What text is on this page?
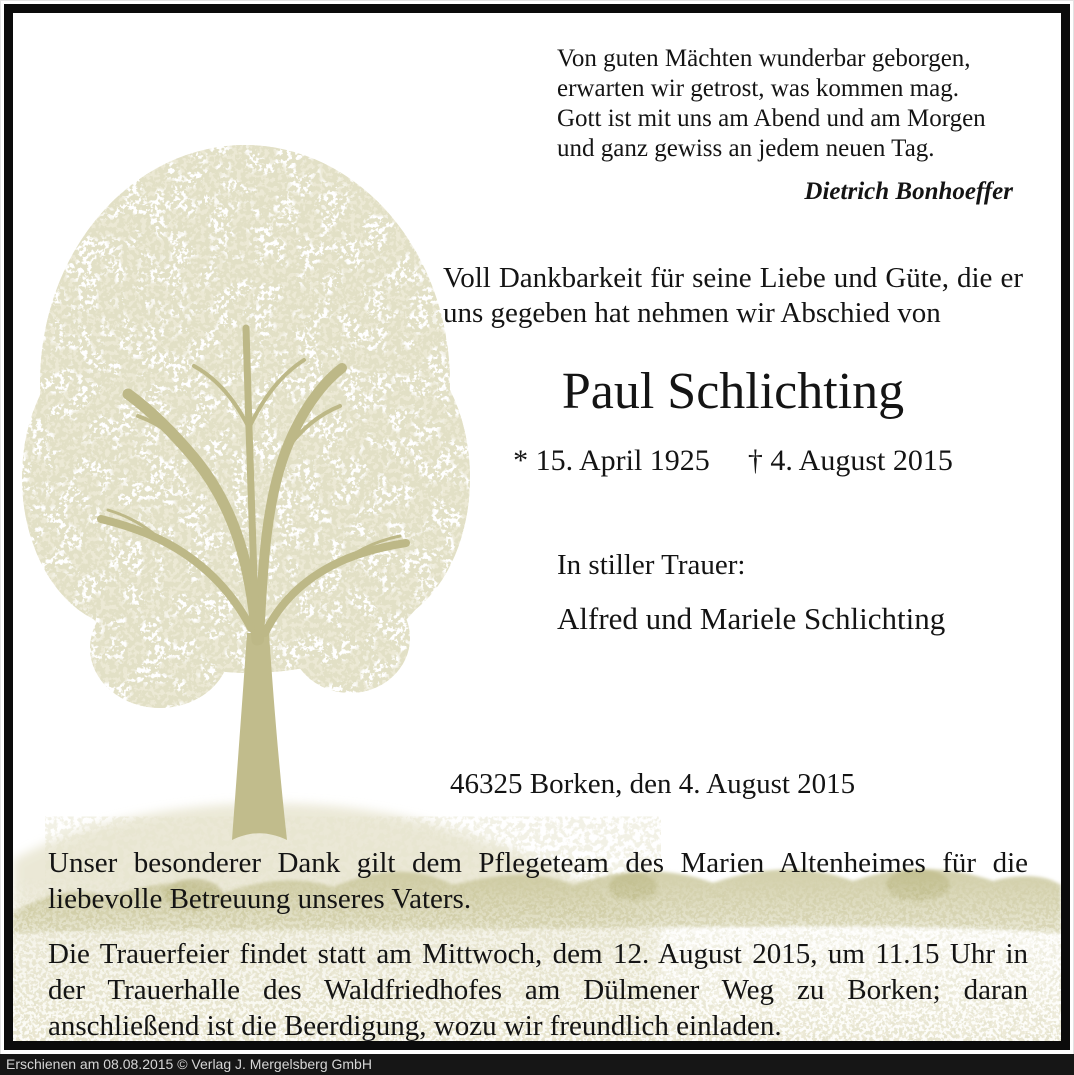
Von guten Mächten wunderbar geborgen,
erwarten wir getrost, was kommen mag.
Gott ist mit uns am Abend und am Morgen
und ganz gewiss an jedem neuen Tag.
Dietrich Bonhoeffer
Voll Dankbarkeit für seine Liebe und Güte, die er uns gegeben hat nehmen wir Abschied von
Paul Schlichting
* 15. April 1925 † 4. August 2015
In stiller Trauer:
Alfred und Mariele Schlichting
46325 Borken, den 4. August 2015
Unser besonderer Dank gilt dem Pflegeteam des Marien Altenheimes für die liebevolle Betreuung unseres Vaters.
Die Trauerfeier findet statt am Mittwoch, dem 12. August 2015, um 11.15 Uhr in der Trauerhalle des Waldfriedhofes am Dülmener Weg zu Borken; daran anschließend ist die Beerdigung, wozu wir freundlich einladen.
Erschienen am 08.08.2015 © Verlag J. Mergelsberg GmbH
